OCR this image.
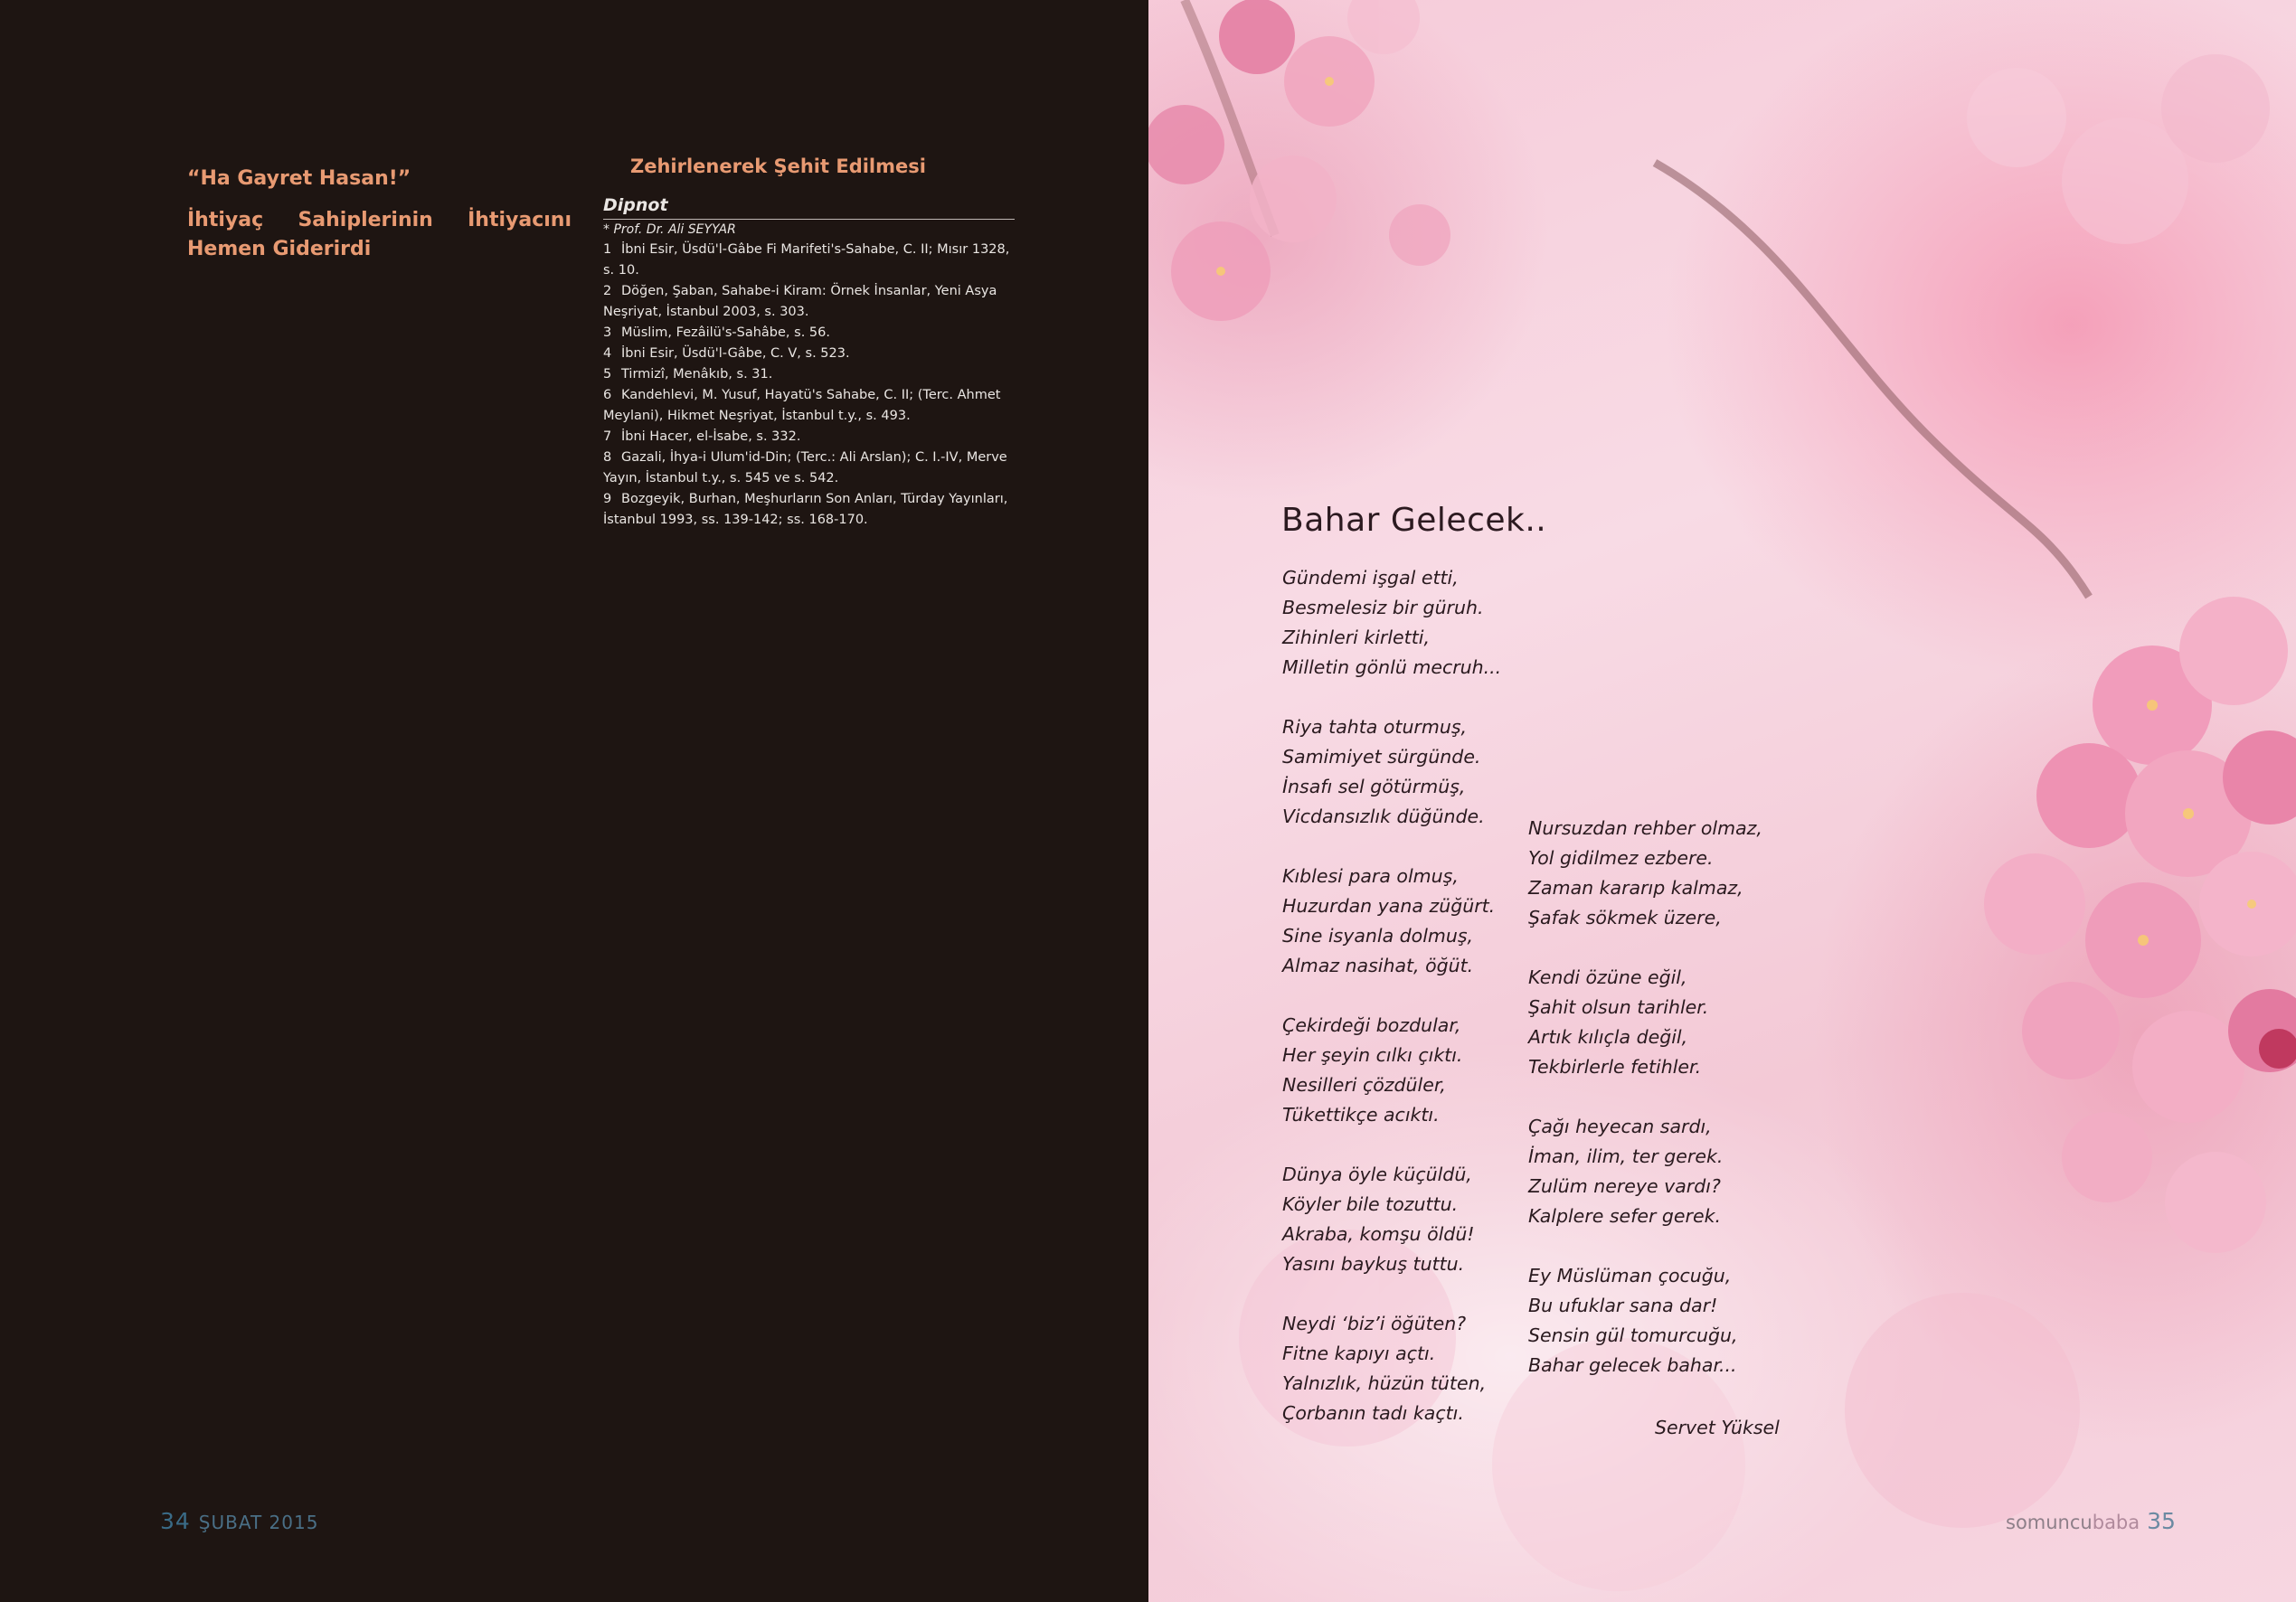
“Ha Gayret Hasan!”
İhtiyaç Sahiplerinin İhtiyacını Hemen Giderirdi
Zehirlenerek Şehit Edilmesi
Dipnot
* Prof. Dr. Ali SEYYAR
1 İbni Esir, Üsdü'l-Gâbe Fi Marifeti's-Sahabe, C. II; Mısır 1328, s. 10.
2 Döğen, Şaban, Sahabe-i Kiram: Örnek İnsanlar, Yeni Asya
Neşriyat, İstanbul 2003, s. 303.
3 Müslim, Fezâilü's-Sahâbe, s. 56.
4 İbni Esir, Üsdü'l-Gâbe, C. V, s. 523.
5 Tirmizî, Menâkıb, s. 31.
6 Kandehlevi, M. Yusuf, Hayatü's Sahabe, C. II; (Terc. Ahmet
Meylani), Hikmet Neşriyat, İstanbul t.y., s. 493.
7 İbni Hacer, el-İsabe, s. 332.
8 Gazali, İhya-i Ulum'id-Din; (Terc.: Ali Arslan); C. I.-IV, Merve
Yayın, İstanbul t.y., s. 545 ve s. 542.
9 Bozgeyik, Burhan, Meşhurların Son Anları, Türday Yayınları,
İstanbul 1993, ss. 139-142; ss. 168-170.
34 ŞUBAT 2015
Bahar Gelecek..
Gündemi işgal etti,
Besmelesiz bir güruh.
Zihinleri kirletti,
Milletin gönlü mecruh...
Riya tahta oturmuş,
Samimiyet sürgünde.
İnsafı sel götürmüş,
Vicdansızlık düğünde.
Kıblesi para olmuş,
Huzurdan yana züğürt.
Sine isyanla dolmuş,
Almaz nasihat, öğüt.
Çekirdeği bozdular,
Her şeyin cılkı çıktı.
Nesilleri çözdüler,
Tükettikçe acıktı.
Dünya öyle küçüldü,
Köyler bile tozuttu.
Akraba, komşu öldü!
Yasını baykuş tuttu.
Neydi ‘biz’i öğüten?
Fitne kapıyı açtı.
Yalnızlık, hüzün tüten,
Çorbanın tadı kaçtı.
Nursuzdan rehber olmaz,
Yol gidilmez ezbere.
Zaman kararıp kalmaz,
Şafak sökmek üzere,
Kendi özüne eğil,
Şahit olsun tarihler.
Artık kılıçla değil,
Tekbirlerle fetihler.
Çağı heyecan sardı,
İman, ilim, ter gerek.
Zulüm nereye vardı?
Kalplere sefer gerek.
Ey Müslüman çocuğu,
Bu ufuklar sana dar!
Sensin gül tomurcuğu,
Bahar gelecek bahar...
Servet Yüksel
somuncubaba 35
